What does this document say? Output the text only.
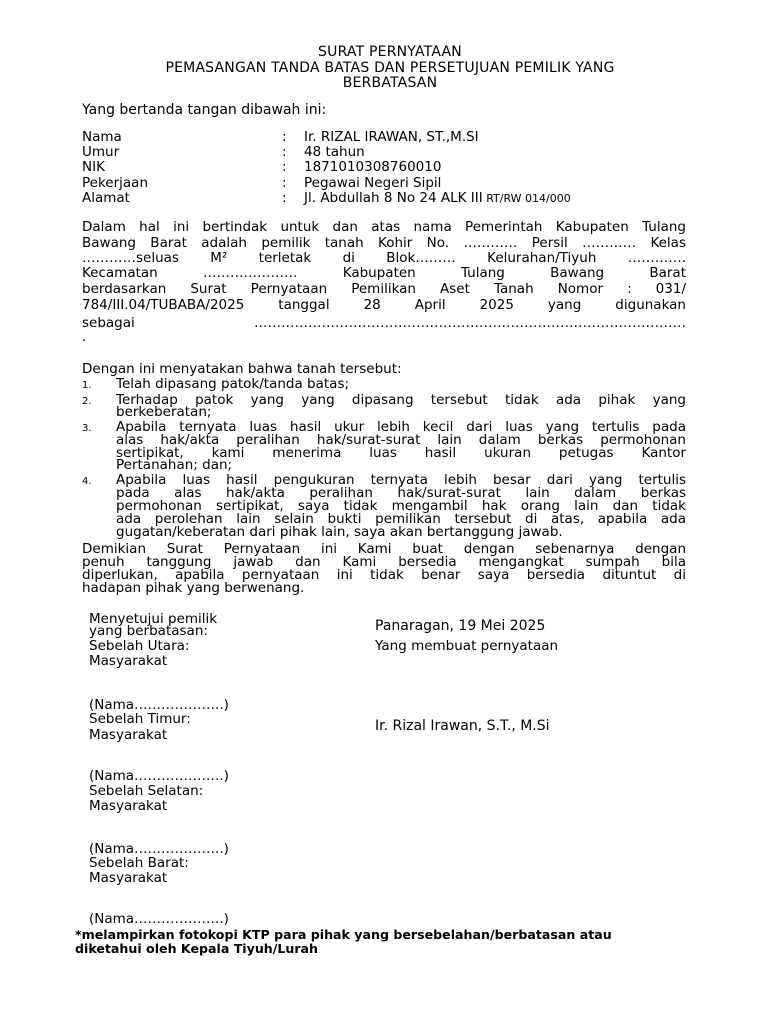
SURAT PERNYATAAN
PEMASANGAN TANDA BATAS DAN PERSETUJUAN PEMILIK YANG
BERBATASAN
Yang bertanda tangan dibawah ini:
Nama	: Ir. RIZAL IRAWAN, ST.,M.SI
Umur	: 48 tahun
NIK	: 1871010308760010
Pekerjaan	: Pegawai Negeri Sipil
Alamat	: Jl. Abdullah 8 No 24 ALK III RT/RW 014/000
Dalam hal ini bertindak untuk dan atas nama Pemerintah Kabupaten Tulang
Bawang Barat adalah pemilik tanah Kohir No. ………… Persil ………… Kelas
…………seluas M² terletak di Blok……… Kelurahan/Tiyuh ………….
Kecamatan ………………… Kabupaten Tulang Bawang Barat
berdasarkan Surat Pernyataan Pemilikan Aset Tanah Nomor : 031/
784/III.04/TUBABA/2025 tanggal 28 April 2025 yang digunakan
sebagai ……………………………………………………………………………………
.
Dengan ini menyatakan bahwa tanah tersebut:
1. Telah dipasang patok/tanda batas;
2. Terhadap patok yang yang dipasang tersebut tidak ada pihak yang
berkeberatan;
3. Apabila ternyata luas hasil ukur lebih kecil dari luas yang tertulis pada
alas hak/akta peralihan hak/surat-surat lain dalam berkas permohonan
sertipikat, kami menerima luas hasil ukuran petugas Kantor
Pertanahan; dan;
4. Apabila luas hasil pengukuran ternyata lebih besar dari yang tertulis
pada alas hak/akta peralihan hak/surat-surat lain dalam berkas
permohonan sertipikat, saya tidak mengambil hak orang lain dan tidak
ada perolehan lain selain bukti pemilikan tersebut di atas, apabila ada
gugatan/keberatan dari pihak lain, saya akan bertanggung jawab.
Demikian Surat Pernyataan ini Kami buat dengan sebenarnya dengan
penuh tanggung jawab dan Kami bersedia mengangkat sumpah bila
diperlukan, apabila pernyataan ini tidak benar saya bersedia dituntut di
hadapan pihak yang berwenang.
Menyetujui pemilik
yang berbatasan:
Sebelah Utara:
Masyarakat
(Nama………………..)
Sebelah Timur:
Masyarakat
(Nama………………..)
Sebelah Selatan:
Masyarakat
(Nama………………..)
Sebelah Barat:
Masyarakat
(Nama………………..)
Panaragan, 19 Mei 2025
Yang membuat pernyataan
Ir. Rizal Irawan, S.T., M.Si
*melampirkan fotokopi KTP para pihak yang bersebelahan/berbatasan atau
diketahui oleh Kepala Tiyuh/Lurah
